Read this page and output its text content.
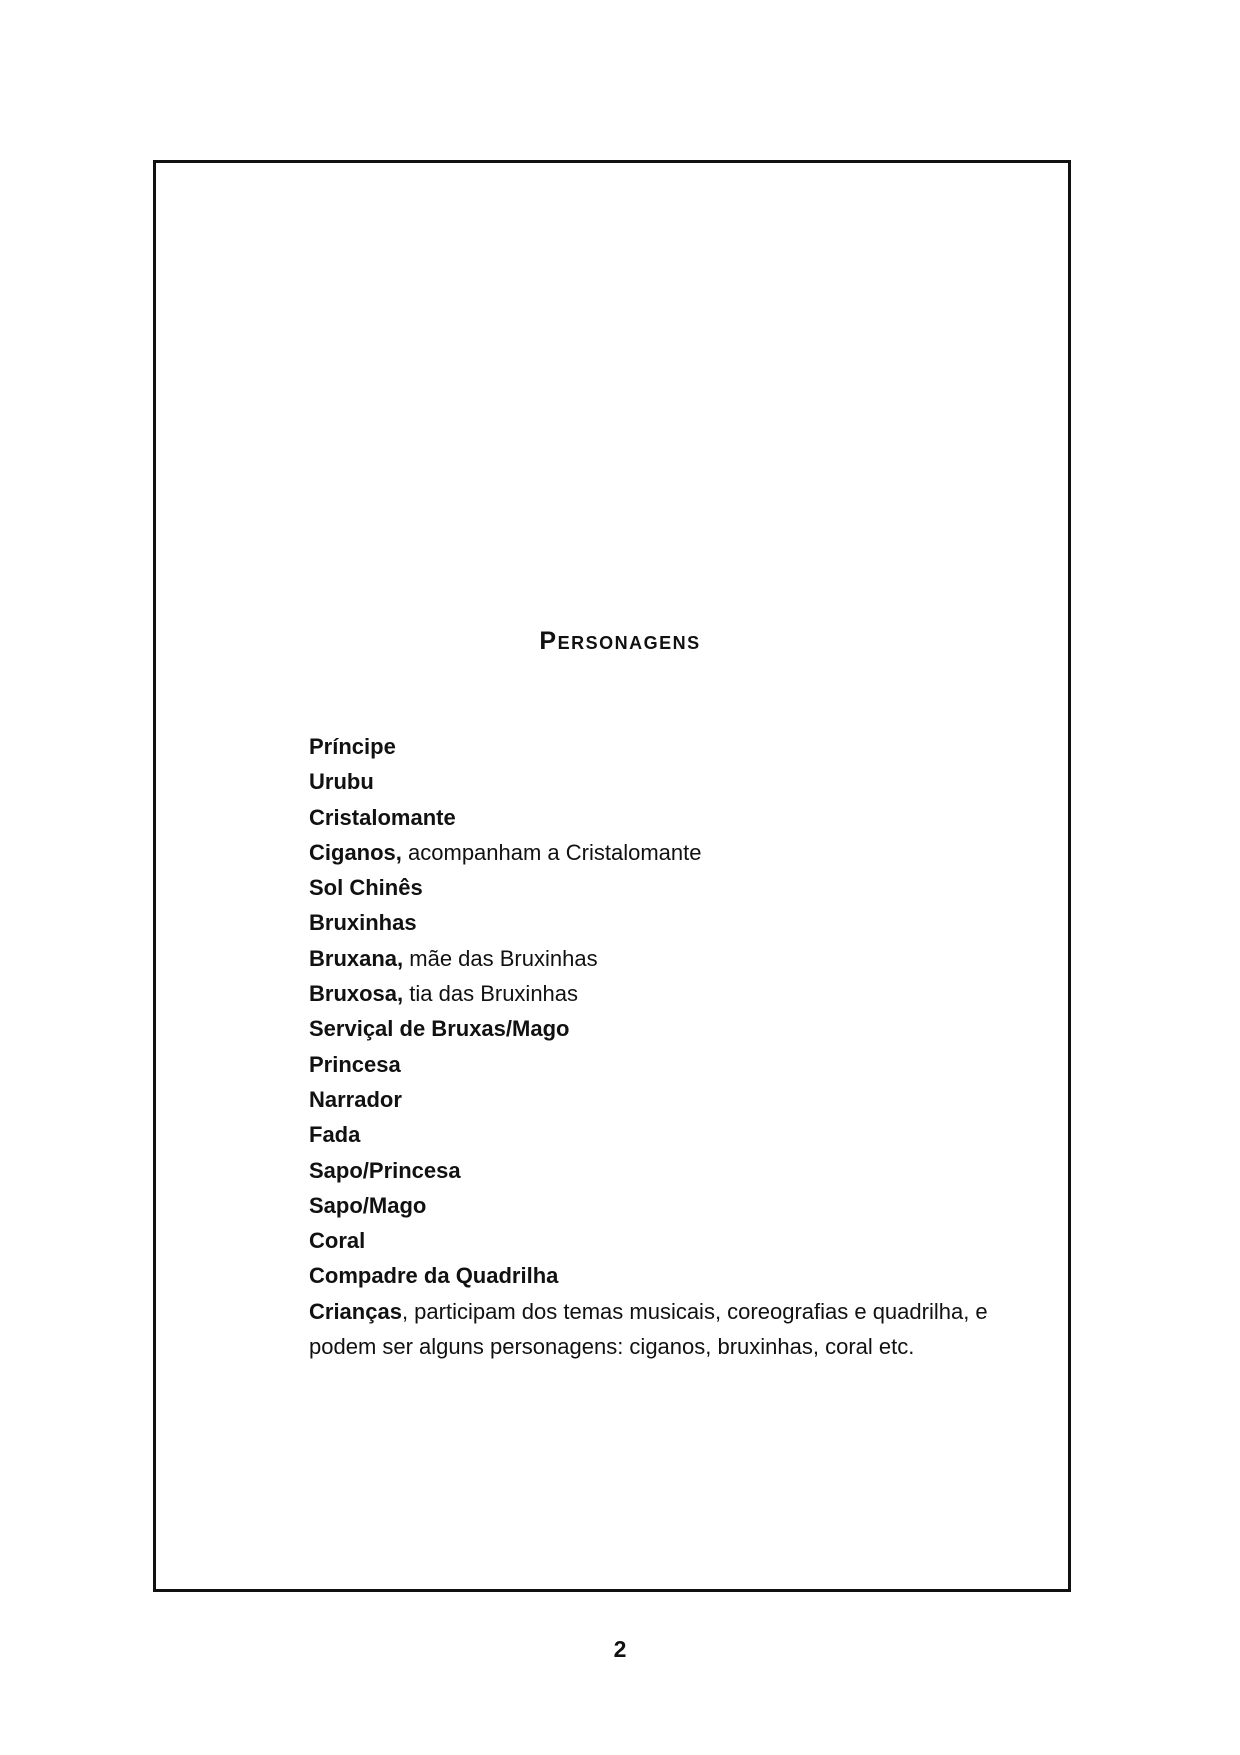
Personagens
Príncipe
Urubu
Cristalomante
Ciganos, acompanham a Cristalomante
Sol Chinês
Bruxinhas
Bruxana, mãe das Bruxinhas
Bruxosa, tia das Bruxinhas
Serviçal de Bruxas/Mago
Princesa
Narrador
Fada
Sapo/Princesa
Sapo/Mago
Coral
Compadre da Quadrilha
Crianças, participam dos temas musicais, coreografias e quadrilha, e podem ser alguns personagens: ciganos, bruxinhas, coral etc.
2
